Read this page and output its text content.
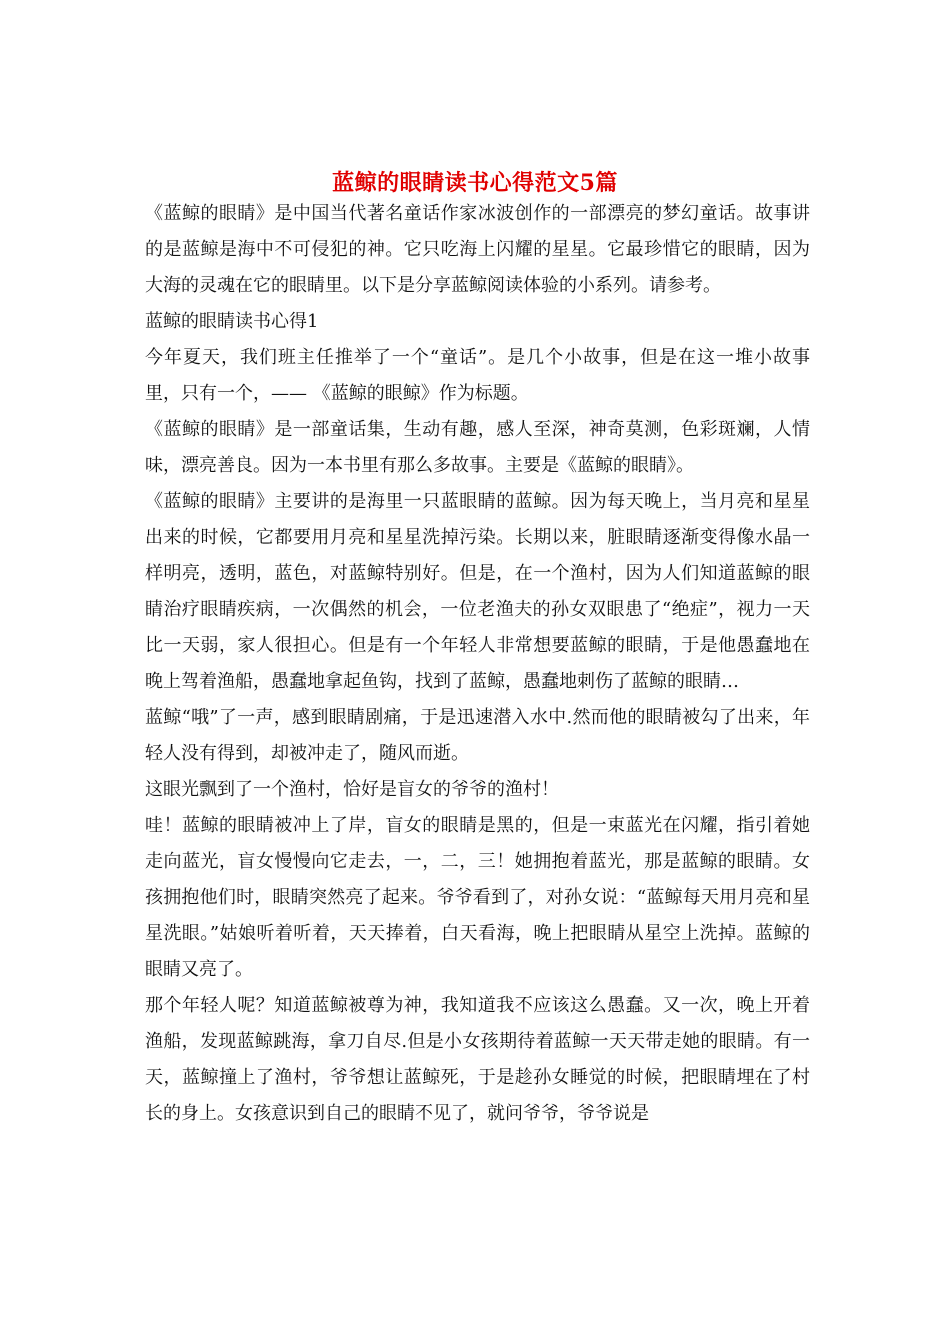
蓝鲸的眼睛读书心得范文5篇

《蓝鲸的眼睛》是中国当代著名童话作家冰波创作的一部漂亮的梦幻童话。故事讲的是蓝鲸是海中不可侵犯的神。它只吃海上闪耀的星星。它最珍惜它的眼睛，因为大海的灵魂在它的眼睛里。以下是分享蓝鲸阅读体验的小系列。请参考。

蓝鲸的眼睛读书心得1

今年夏天，我们班主任推举了一个“童话”。是几个小故事，但是在这一堆小故事里，只有一个，—— 《蓝鲸的眼鲸》作为标题。

《蓝鲸的眼睛》是一部童话集，生动有趣，感人至深，神奇莫测，色彩斑斓，人情味，漂亮善良。因为一本书里有那么多故事。主要是《蓝鲸的眼睛》。

《蓝鲸的眼睛》主要讲的是海里一只蓝眼睛的蓝鲸。因为每天晚上，当月亮和星星出来的时候，它都要用月亮和星星洗掉污染。长期以来，脏眼睛逐渐变得像水晶一样明亮，透明，蓝色，对蓝鲸特别好。但是，在一个渔村，因为人们知道蓝鲸的眼睛治疗眼睛疾病，一次偶然的机会，一位老渔夫的孙女双眼患了“绝症”，视力一天比一天弱，家人很担心。但是有一个年轻人非常想要蓝鲸的眼睛，于是他愚蠢地在晚上驾着渔船，愚蠢地拿起鱼钩，找到了蓝鲸，愚蠢地刺伤了蓝鲸的眼睛…

蓝鲸“哦”了一声，感到眼睛剧痛，于是迅速潜入水中.然而他的眼睛被勾了出来，年轻人没有得到，却被冲走了，随风而逝。

这眼光飘到了一个渔村，恰好是盲女的爷爷的渔村！

哇！蓝鲸的眼睛被冲上了岸，盲女的眼睛是黑的，但是一束蓝光在闪耀，指引着她走向蓝光，盲女慢慢向它走去，一，二，三！她拥抱着蓝光，那是蓝鲸的眼睛。女孩拥抱他们时，眼睛突然亮了起来。爷爷看到了，对孙女说：“蓝鲸每天用月亮和星星洗眼。”姑娘听着听着，天天捧着，白天看海，晚上把眼睛从星空上洗掉。蓝鲸的眼睛又亮了。

那个年轻人呢？知道蓝鲸被尊为神，我知道我不应该这么愚蠢。又一次，晚上开着渔船，发现蓝鲸跳海，拿刀自尽.但是小女孩期待着蓝鲸一天天带走她的眼睛。有一天，蓝鲸撞上了渔村，爷爷想让蓝鲸死，于是趁孙女睡觉的时候，把眼睛埋在了村长的身上。女孩意识到自己的眼睛不见了，就问爷爷，爷爷说是
